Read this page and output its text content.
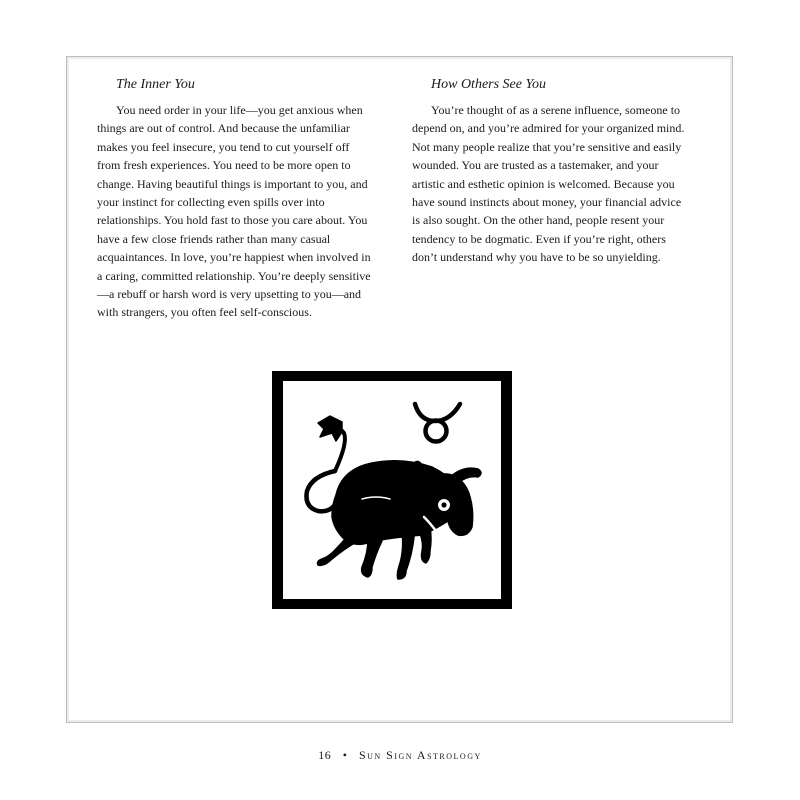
The Inner You

You need order in your life—you get anxious when things are out of control. And because the unfamiliar makes you feel insecure, you tend to cut yourself off from fresh experiences. You need to be more open to change. Having beautiful things is important to you, and your instinct for collecting even spills over into relationships. You hold fast to those you care about. You have a few close friends rather than many casual acquaintances. In love, you’re happiest when involved in a caring, committed relationship. You’re deeply sensitive—a rebuff or harsh word is very upsetting to you—and with strangers, you often feel self-conscious.

How Others See You

You’re thought of as a serene influence, someone to depend on, and you’re admired for your organized mind. Not many people realize that you’re sensitive and easily wounded. You are trusted as a tastemaker, and your artistic and esthetic opinion is welcomed. Because you have sound instincts about money, your financial advice is also sought. On the other hand, people resent your tendency to be dogmatic. Even if you’re right, others don’t understand why you have to be so unyielding.

16 • Sun Sign Astrology
